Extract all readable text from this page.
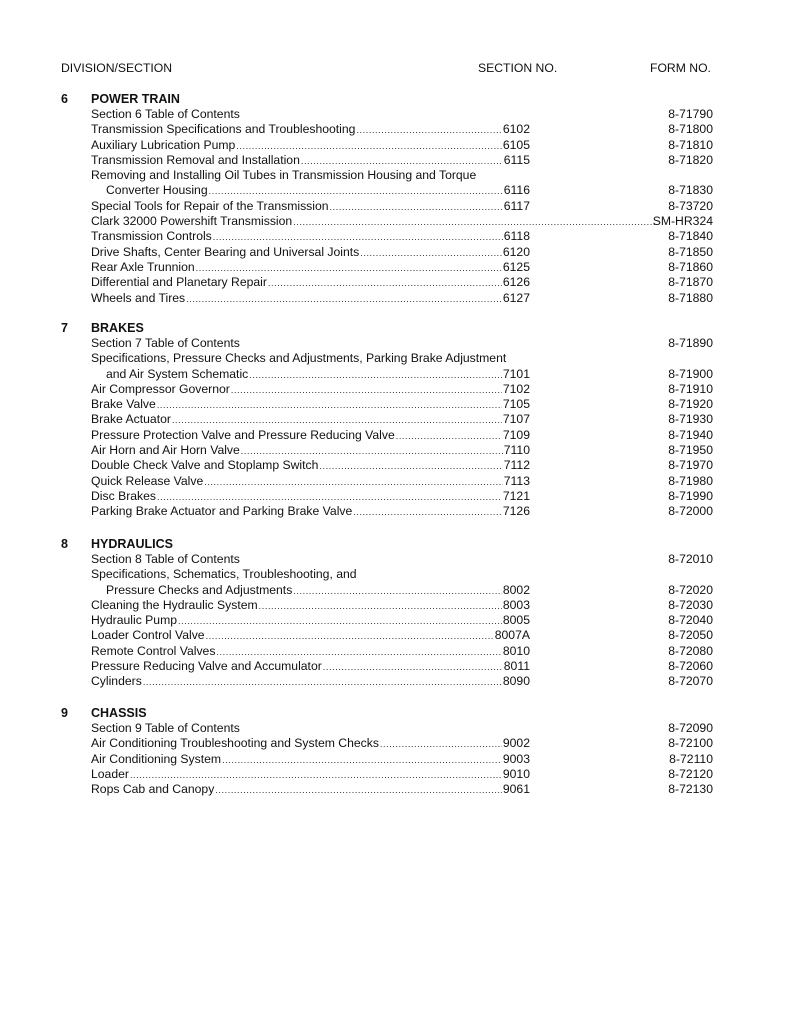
DIVISION/SECTION	SECTION NO.	FORM NO.
6 POWER TRAIN
Section 6 Table of Contents	8-71790
Transmission Specifications and Troubleshooting .....	6102	8-71800
Auxiliary Lubrication Pump .....	6105	8-71810
Transmission Removal and Installation .....	6115	8-71820
Removing and Installing Oil Tubes in Transmission Housing and Torque
Converter Housing .....	6116	8-71830
Special Tools for Repair of the Transmission .....	6117	8-73720
Clark 32000 Powershift Transmission .....	SM-HR324
Transmission Controls .....	6118	8-71840
Drive Shafts, Center Bearing and Universal Joints .....	6120	8-71850
Rear Axle Trunnion .....	6125	8-71860
Differential and Planetary Repair .....	6126	8-71870
Wheels and Tires .....	6127	8-71880
7 BRAKES
Section 7 Table of Contents	8-71890
Specifications, Pressure Checks and Adjustments, Parking Brake Adjustment
and Air System Schematic .....	7101	8-71900
Air Compressor Governor .....	7102	8-71910
Brake Valve .....	7105	8-71920
Brake Actuator .....	7107	8-71930
Pressure Protection Valve and Pressure Reducing Valve .....	7109	8-71940
Air Horn and Air Horn Valve .....	7110	8-71950
Double Check Valve and Stoplamp Switch .....	7112	8-71970
Quick Release Valve .....	7113	8-71980
Disc Brakes .....	7121	8-71990
Parking Brake Actuator and Parking Brake Valve .....	7126	8-72000
8 HYDRAULICS
Section 8 Table of Contents	8-72010
Specifications, Schematics, Troubleshooting, and
Pressure Checks and Adjustments .....	8002	8-72020
Cleaning the Hydraulic System .....	8003	8-72030
Hydraulic Pump .....	8005	8-72040
Loader Control Valve .....	8007A	8-72050
Remote Control Valves .....	8010	8-72080
Pressure Reducing Valve and Accumulator .....	8011	8-72060
Cylinders .....	8090	8-72070
9 CHASSIS
Section 9 Table of Contents	8-72090
Air Conditioning Troubleshooting and System Checks .....	9002	8-72100
Air Conditioning System .....	9003	8-72110
Loader .....	9010	8-72120
Rops Cab and Canopy .....	9061	8-72130
